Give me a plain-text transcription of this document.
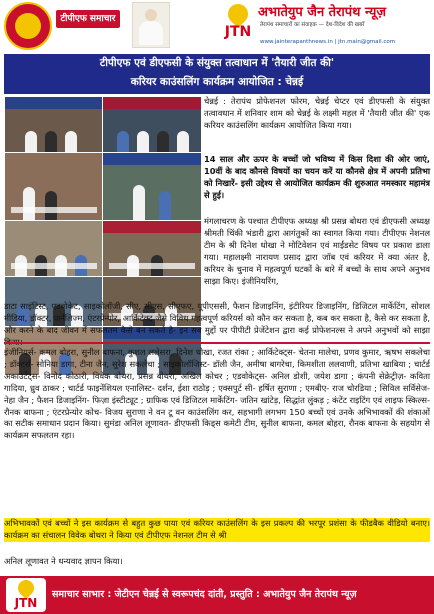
टीपीएफ समाचार
JTN
अभातेयुप जैन तेरापंथ न्यूज़
तेरापंथ समाचारों का संवाहक — देश-विदेश की खबरें
www.jainterapanthnews.in | jtn.main@gmail.com
टीपीएफ एवं डीएफसी के संयुक्त तत्वाधान में 'तैयारी जीत की'
करियर काउंसलिंग कार्यक्रम आयोजित : चेन्नई
चेन्नई : तेरापंथ प्रोफेशनल फोरम, चेन्नई चेप्टर एवं डीएफसी के संयुक्त तत्वावधान में शनिवार शाम को चेन्नई के लक्ष्मी महल में 'तैयारी जीत की' एक करियर काउंसलिंग कार्यक्रम आयोजित किया गया।
14 साल और ऊपर के बच्चों जो भविष्य में किस दिशा की ओर जाएं, 10वीं के बाद कौनसे विषयों का चयन करें या कौनसे क्षेत्र में अपनी प्रतिभा को निखारें- इसी उद्देश्य से आयोजित कार्यक्रम की शुरुआत नमस्कार महामंत्र से हुई।
मंगलाचरण के पश्चात टीपीएफ अध्यक्ष श्री प्रसन्न बोथरा एवं डीएफसी अध्यक्ष श्रीमती चिंकी भंडारी द्वारा आगंतुकों का स्वागत किया गया। टीपीएफ नेशनल टीम के श्री दिनेश धोखा ने मोटिवेशन एवं माईंडसेट विषय पर प्रकाश डाला गया। महालक्ष्मी नारायण प्रसाद द्वारा जॉब एवं करियर में क्या अंतर है, करियर के चुनाव में महत्वपूर्ण घटकों के बारे में बच्चों के साथ अपने अनुभव साझा किए। इंजीनियरिंग,
डाटा साइंटिस्ट, एडवोकेट, साइकोलॉजी, सीए, सीएस, सीएफए, यूपीएससी, फैशन डिजाइनिंग, इंटीरियर डिजाइनिंग, डिजिटल मार्केटिंग, सोशल मीडिया, डॉक्टर, जर्नलिज्म, एंटरप्रेन्योर, आर्किटेक्ट जैसे विविध महत्वपूर्ण करियर्स को कौन कर सकता है, कब कर सकता है, कैसे कर सकता है, और करने के बाद जीवन में सफलतम कैसे बन सकते है- इन सब मुद्दों पर पीपीटी प्रेजेंटेशन द्वारा कई प्रोफेशनल्स ने अपने अनुभवों को साझा
इंजीनियर्स- कमल बोहरा, सुनील बाफना, कुशल ललेसरा, दिनेश धोखा, रजत रांका ; आर्किटेक्ट्स- चेतना मालेचा, प्रणव कुमार, ऋषभ सकलेचा ; डॉक्टर्स- सोनिया डागा, टीना जैन, सुरेश सकलेचा ; साइकोलॉजिस्ट- डॉली जैन, अमीषा बागरेचा, किमशीता ललवाणी, प्रतिभा खाबिया ; चार्टर्ड अकाउंटेंट्स- विनोद कोठारी, विवेक बोथरा, प्रसन्न बोथरा, अखिल कोचर ; एडवोकेट्स- अनिल डोशी, जयेश डागा ; कंपनी सेक्रेट्रीज़- कविता गादिया, ध्रुव ठाकर ; चार्टर्ड फाइनेंशियल एनालिस्ट- दर्शन, ईशा राठोड़ ; एक्सपुर्ट सी- हर्षित सुराणा ; एमबीए- राज चोरडिया ; सिविल सर्विसेज- नेहा जैन ; फैशन डिजाइनिंग- फिज़ा इंस्टीट्यूट ; ग्राफिक एवं डिजिटल मार्केटिंग- जतिन खांटेड़, सिद्धांत लुंकड़ ; कंटेंट राइटिंग एवं लाइफ स्किल्स- रौनक बाफना ; एंटरप्रेन्योर कोच- विजय सुराणा ने वन टू वन काउंसलिंग कर, सहभागी लगभग 150 बच्चों एवं उनके अभिभावकों की शंकाओं का सटीक समाधान प्रदान किया। सुमंडा अनिल लूणावत- डीएफसी किड्स कमेटी टीम, सुनील बाफना, कमल बोहरा, रौनक बाफना के सहयोग से कार्यक्रम सफलतम रहा।
अभिभावकों एवं बच्चों ने इस कार्यक्रम से बहुत कुछ पाया एवं करियर काउंसलिंग के इस प्रकल्प की भरपूर प्रशंसा के फीडबैक वीडियो बनाए। कार्यक्रम का संचालन विवेक बोथरा ने किया एवं टीपीएफ नेशनल टीम से श्री
अनिल लूणावत ने धन्यवाद ज्ञापन किया।
JTN
समाचार साभार : जेटीएन चेन्नई से स्वरूपचंद दांती, प्रस्तुति : अभातेयुप जैन तेरापंथ न्यूज़
